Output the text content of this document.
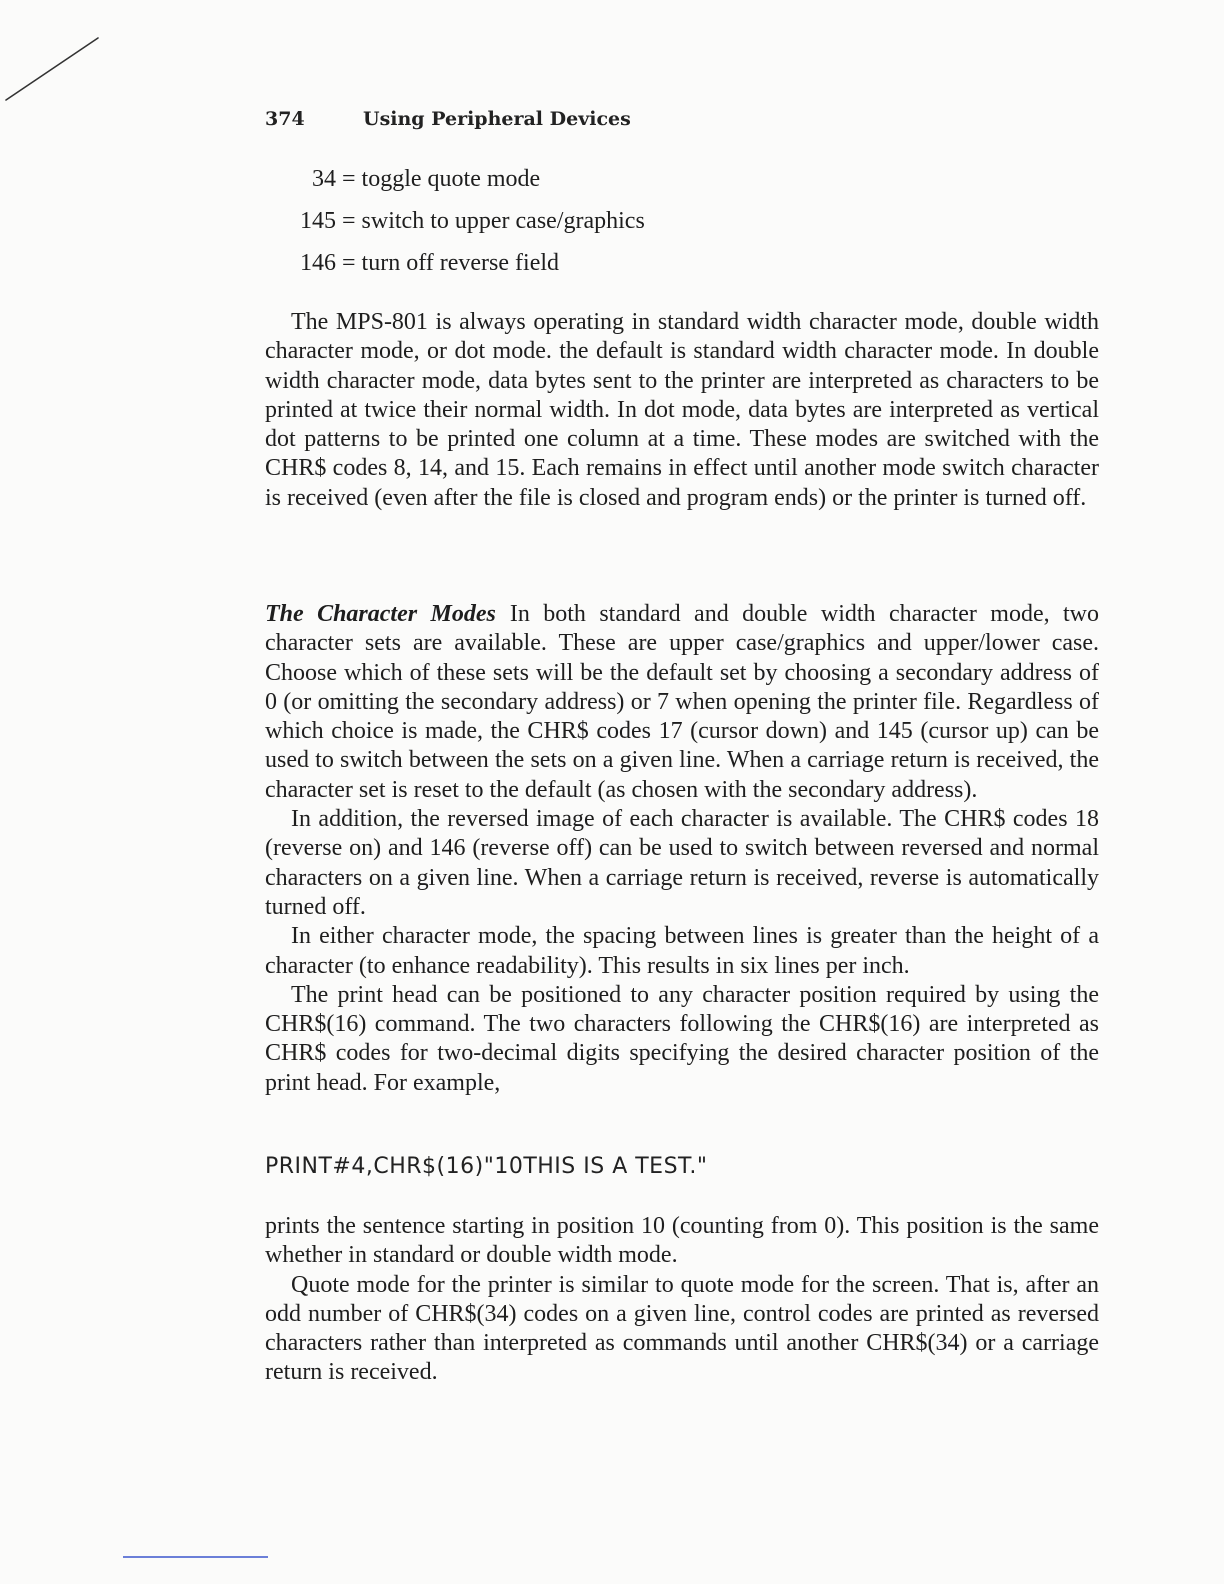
374	Using Peripheral Devices
34 = toggle quote mode
145 = switch to upper case/graphics
146 = turn off reverse field

The MPS-801 is always operating in standard width character mode, double width character mode, or dot mode. the default is standard width character mode. In double width character mode, data bytes sent to the printer are interpreted as characters to be printed at twice their normal width. In dot mode, data bytes are interpreted as vertical dot patterns to be printed one column at a time. These modes are switched with the CHR$ codes 8, 14, and 15. Each remains in effect until another mode switch character is received (even after the file is closed and program ends) or the printer is turned off.

The Character Modes In both standard and double width character mode, two character sets are available. These are upper case/graphics and upper/lower case. Choose which of these sets will be the default set by choosing a secondary address of 0 (or omitting the secondary address) or 7 when opening the printer file. Regardless of which choice is made, the CHR$ codes 17 (cursor down) and 145 (cursor up) can be used to switch between the sets on a given line. When a carriage return is received, the character set is reset to the default (as chosen with the secondary address).

In addition, the reversed image of each character is available. The CHR$ codes 18 (reverse on) and 146 (reverse off) can be used to switch between reversed and normal characters on a given line. When a carriage return is received, reverse is automatically turned off.

In either character mode, the spacing between lines is greater than the height of a character (to enhance readability). This results in six lines per inch.

The print head can be positioned to any character position required by using the CHR$(16) command. The two characters following the CHR$(16) are interpreted as CHR$ codes for two-decimal digits specifying the desired character position of the print head. For example,

PRINT#4,CHR$(16)"10THIS IS A TEST."

prints the sentence starting in position 10 (counting from 0). This position is the same whether in standard or double width mode.

Quote mode for the printer is similar to quote mode for the screen. That is, after an odd number of CHR$(34) codes on a given line, control codes are printed as reversed characters rather than interpreted as commands until another CHR$(34) or a carriage return is received.
